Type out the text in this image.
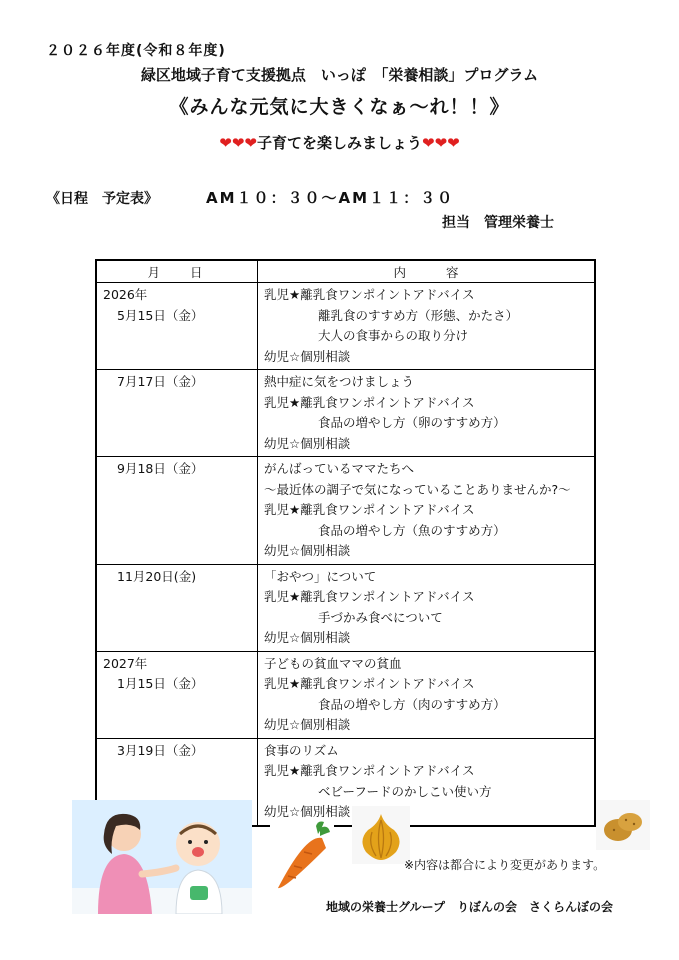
２０２６年度(令和８年度)
緑区地域子育て支援拠点　いっぽ　「栄養相談」プログラム
《みんな元気に大きくなぁ〜れ！！》
❤❤❤子育てを楽しみましょう❤❤❤
《日程　予定表》	AM１０：３０〜AM１１：３０
担当　管理栄養士
月日	内容

2026年
5月15日（金）	乳児★離乳食ワンポイントアドバイス
離乳食のすすめ方（形態、かたさ）
大人の食事からの取り分け
幼児☆個別相談

7月17日（金）	熱中症に気をつけましょう
乳児★離乳食ワンポイントアドバイス
食品の増やし方（卵のすすめ方）
幼児☆個別相談

9月18日（金）	がんばっているママたちへ
〜最近体の調子で気になっていることありませんか?〜
乳児★離乳食ワンポイントアドバイス
食品の増やし方（魚のすすめ方）
幼児☆個別相談

11月20日(金)	「おやつ」について
乳児★離乳食ワンポイントアドバイス
手づかみ食べについて
幼児☆個別相談

2027年
1月15日（金）	子どもの貧血ママの貧血
乳児★離乳食ワンポイントアドバイス
食品の増やし方（肉のすすめ方）
幼児☆個別相談

3月19日（金）	食事のリズム
乳児★離乳食ワンポイントアドバイス
ベビーフードのかしこい使い方
幼児☆個別相談
※内容は都合により変更があります。
地域の栄養士グループ　りぼんの会　さくらんぼの会
